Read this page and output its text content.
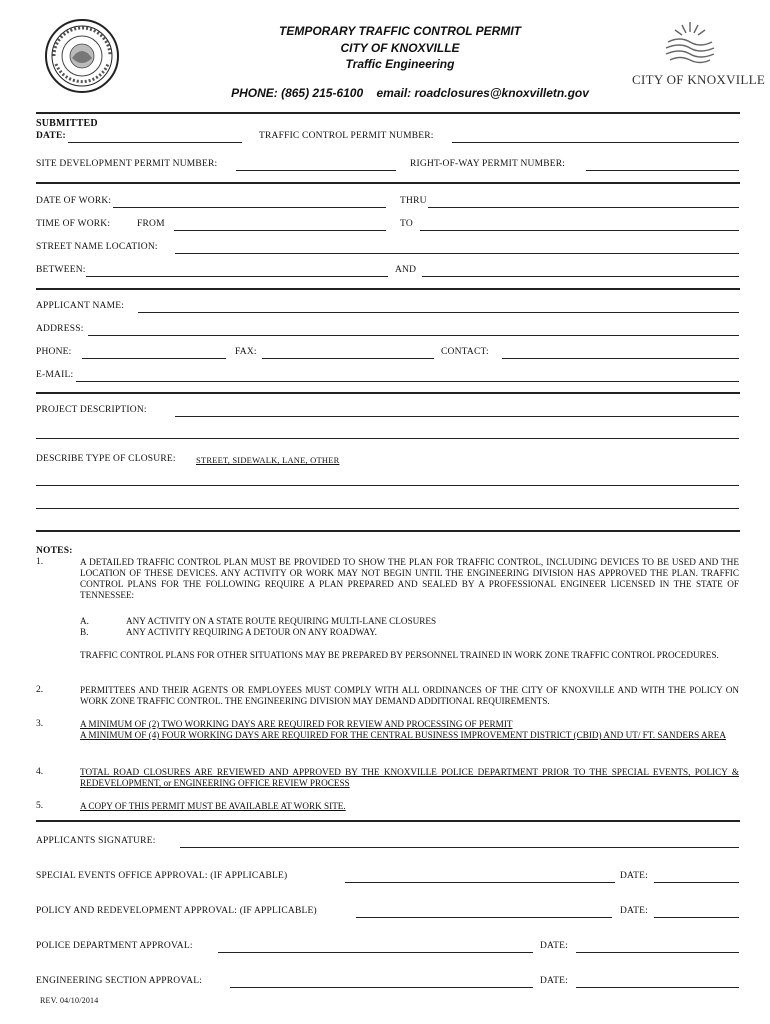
TEMPORARY TRAFFIC CONTROL PERMIT
CITY OF KNOXVILLE
Traffic Engineering
PHONE: (865) 215-6100    email: roadclosures@knoxvilletn.gov
CITY OF KNOXVILLE
SUBMITTED
DATE:	TRAFFIC CONTROL PERMIT NUMBER:
SITE DEVELOPMENT PERMIT NUMBER:	RIGHT-OF-WAY PERMIT NUMBER:
DATE OF WORK:	THRU
TIME OF WORK:	FROM	TO
STREET NAME LOCATION:
BETWEEN:	AND
APPLICANT NAME:
ADDRESS:
PHONE:	FAX:	CONTACT:
E-MAIL:
PROJECT DESCRIPTION:
DESCRIBE TYPE OF CLOSURE: STREET, SIDEWALK, LANE, OTHER
NOTES:
1.	A DETAILED TRAFFIC CONTROL PLAN MUST BE PROVIDED TO SHOW THE PLAN FOR TRAFFIC CONTROL, INCLUDING DEVICES TO BE USED AND THE LOCATION OF THESE DEVICES. ANY ACTIVITY OR WORK MAY NOT BEGIN UNTIL THE ENGINEERING DIVISION HAS APPROVED THE PLAN. TRAFFIC CONTROL PLANS FOR THE FOLLOWING REQUIRE A PLAN PREPARED AND SEALED BY A PROFESSIONAL ENGINEER LICENSED IN THE STATE OF TENNESSEE:
A.	ANY ACTIVITY ON A STATE ROUTE REQUIRING MULTI-LANE CLOSURES
B.	ANY ACTIVITY REQUIRING A DETOUR ON ANY ROADWAY.
TRAFFIC CONTROL PLANS FOR OTHER SITUATIONS MAY BE PREPARED BY PERSONNEL TRAINED IN WORK ZONE TRAFFIC CONTROL PROCEDURES.
2.	PERMITTEES AND THEIR AGENTS OR EMPLOYEES MUST COMPLY WITH ALL ORDINANCES OF THE CITY OF KNOXVILLE AND WITH THE POLICY ON WORK ZONE TRAFFIC CONTROL. THE ENGINEERING DIVISION MAY DEMAND ADDITIONAL REQUIREMENTS.
3.	A MINIMUM OF (2) TWO WORKING DAYS ARE REQUIRED FOR REVIEW AND PROCESSING OF PERMIT
A MINIMUM OF (4) FOUR WORKING DAYS ARE REQUIRED FOR THE CENTRAL BUSINESS IMPROVEMENT DISTRICT (CBID) AND UT/ FT. SANDERS AREA
4.	TOTAL ROAD CLOSURES ARE REVIEWED AND APPROVED BY THE KNOXVILLE POLICE DEPARTMENT PRIOR TO THE SPECIAL EVENTS, POLICY & REDEVELOPMENT, or ENGINEERING OFFICE REVIEW PROCESS
5.	A COPY OF THIS PERMIT MUST BE AVAILABLE AT WORK SITE.
APPLICANTS SIGNATURE:
SPECIAL EVENTS OFFICE APPROVAL: (IF APPLICABLE)	DATE:
POLICY AND REDEVELOPMENT APPROVAL: (IF APPLICABLE)	DATE:
POLICE DEPARTMENT APPROVAL:	DATE:
ENGINEERING SECTION APPROVAL:	DATE:
REV. 04/10/2014
